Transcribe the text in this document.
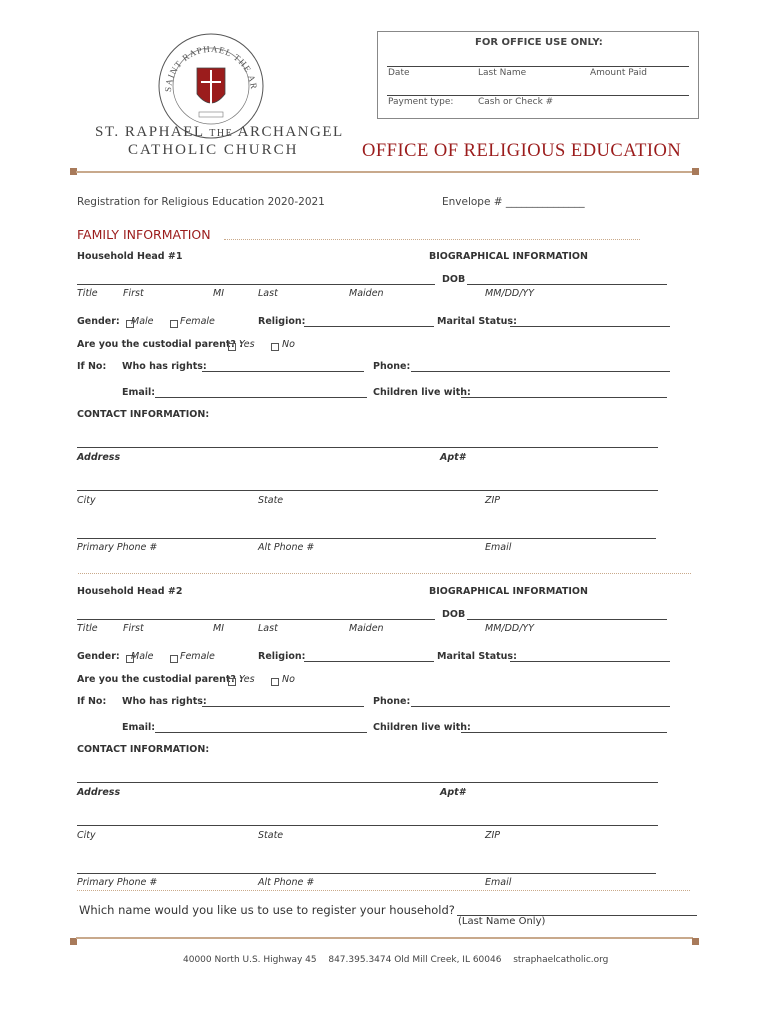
SAINT RAPHAEL THE AR
ST. RAPHAEL THE ARCHANGEL
CATHOLIC CHURCH
FOR OFFICE USE ONLY:
Date	Last Name	Amount Paid
Payment type:	Cash or Check #
OFFICE OF RELIGIOUS EDUCATION
Registration for Religious Education 2020-2021	Envelope # _______________
FAMILY INFORMATION
Household Head #1	BIOGRAPHICAL INFORMATION
DOB
Title	First	MI	Last	Maiden	MM/DD/YY
Gender: Male	Female	Religion:	Marital Status:
Are you the custodial parent? :
Yes	No
If No: Who has rights:	Phone:
Email:	Children live with:
CONTACT INFORMATION:
Address	Apt#
City	State	ZIP
Primary Phone #	Alt Phone #	Email
Household Head #2	BIOGRAPHICAL INFORMATION
DOB
Title	First	MI	Last	Maiden	MM/DD/YY
Gender: Male	Female	Religion:	Marital Status:
Are you the custodial parent? :
Yes	No
If No: Who has rights:	Phone:
Email:	Children live with:
CONTACT INFORMATION:
Address	Apt#
City	State	ZIP
Primary Phone #	Alt Phone #	Email
Which name would you like us to use to register your household?
(Last Name Only)
40000 North U.S. Highway 45 847.395.3474 Old Mill Creek, IL 60046 straphaelcatholic.org
